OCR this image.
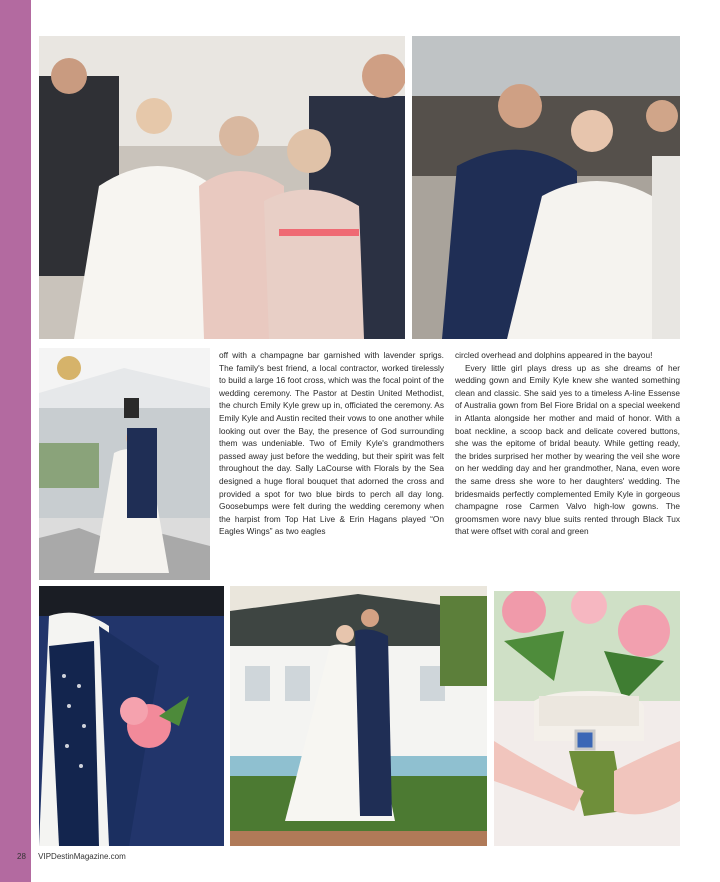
off with a champagne bar garnished with lavender sprigs. The family's best friend, a local contractor, worked tirelessly to build a large 16 foot cross, which was the focal point of the wedding ceremony. The Pastor at Destin United Methodist, the church Emily Kyle grew up in, officiated the ceremony. As Emily Kyle and Austin recited their vows to one another while looking out over the Bay, the presence of God surrounding them was undeniable. Two of Emily Kyle's grandmothers passed away just before the wedding, but their spirit was felt throughout the day. Sally LaCourse with Florals by the Sea designed a huge floral bouquet that adorned the cross and provided a spot for two blue birds to perch all day long. Goosebumps were felt during the wedding ceremony when the harpist from Top Hat Live & Erin Hagans played “On Eagles Wings” as two eagles

circled overhead and dolphins appeared in the bayou!
Every little girl plays dress up as she dreams of her wedding gown and Emily Kyle knew she wanted something clean and classic. She said yes to a timeless A-line Essense of Australia gown from Bel Fiore Bridal on a special weekend in Atlanta alongside her mother and maid of honor. With a boat neckline, a scoop back and delicate covered buttons, she was the epitome of bridal beauty. While getting ready, the brides surprised her mother by wearing the veil she wore on her wedding day and her grandmother, Nana, even wore the same dress she wore to her daughters' wedding. The bridesmaids perfectly complemented Emily Kyle in gorgeous champagne rose Carmen Valvo high-low gowns. The groomsmen wore navy blue suits rented through Black Tux that were offset with coral and green
28 VIPDestinMagazine.com
